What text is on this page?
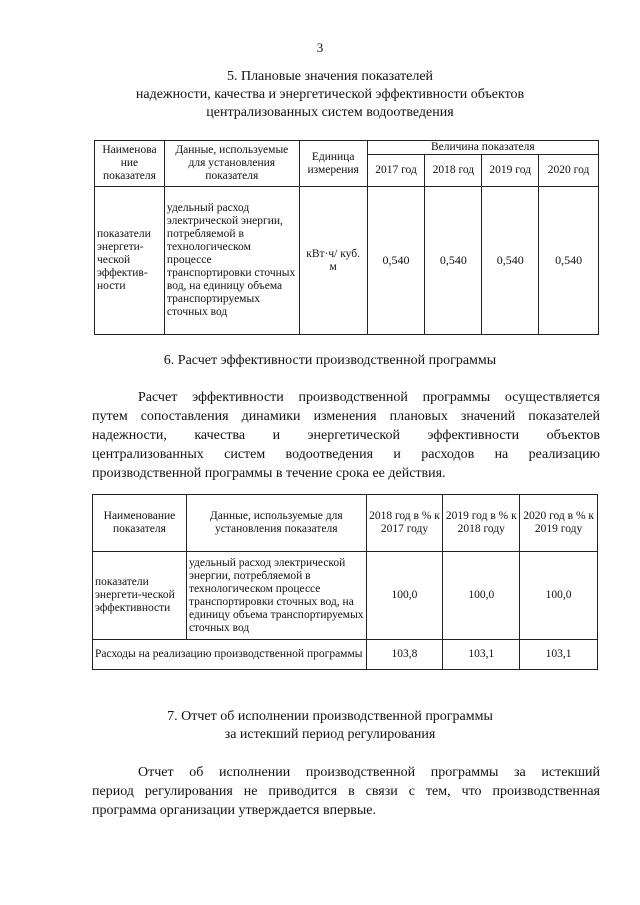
3
5. Плановые значения показателей
надежности, качества и энергетической эффективности объектов
централизованных систем водоотведения
Наименова ние показателя	Данные, используемые для установления показателя	Единица измерения	Величина показателя			
			2017 год	2018 год	2019 год	2020 год
показатели энергети-ческой эффектив-ности	удельный расход электрической энергии, потребляемой в технологическом процессе транспортировки сточных вод, на единицу объема транспортируемых сточных вод	кВт·ч/ куб. м	0,540	0,540	0,540	0,540
6. Расчет эффективности производственной программы
Расчет эффективности производственной программы осуществляется
путем сопоставления динамики изменения плановых значений показателей
надежности, качества и энергетической эффективности объектов
централизованных систем водоотведения и расходов на реализацию
производственной программы в течение срока ее действия.
Наименование показателя	Данные, используемые для установления показателя	2018 год в % к 2017 году	2019 год в % к 2018 году	2020 год в % к 2019 году
показатели энергети-ческой эффективности	удельный расход электрической энергии, потребляемой в технологическом процессе транспортировки сточных вод, на единицу объема транспортируемых сточных вод	100,0	100,0	100,0
Расходы на реализацию производственной программы		103,8	103,1	103,1
7. Отчет об исполнении производственной программы
за истекший период регулирования
Отчет об исполнении производственной программы за истекший
период регулирования не приводится в связи с тем, что производственная
программа организации утверждается впервые.
